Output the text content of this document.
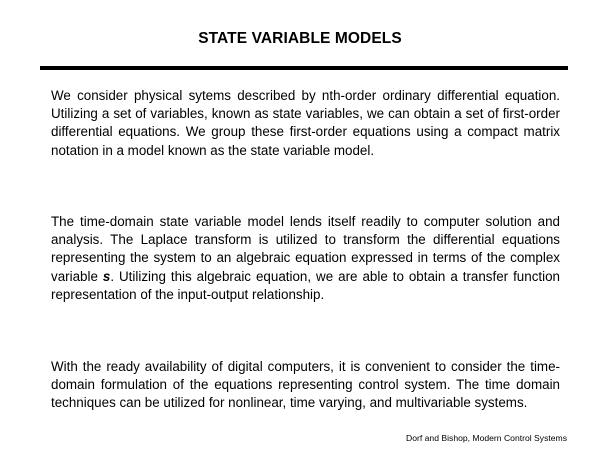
STATE VARIABLE MODELS

We consider physical sytems described by nth-order ordinary differential equation. Utilizing a set of variables, known as state variables, we can obtain a set of first-order differential equations. We group these first-order equations using a compact matrix notation in a model known as the state variable model.

The time-domain state variable model lends itself readily to computer solution and analysis. The Laplace transform is utilized to transform the differential equations representing the system to an algebraic equation expressed in terms of the complex variable s. Utilizing this algebraic equation, we are able to obtain a transfer function representation of the input-output relationship.

With the ready availability of digital computers, it is convenient to consider the time-domain formulation of the equations representing control system. The time domain techniques can be utilized for nonlinear, time varying, and multivariable systems.

Dorf and Bishop, Modern Control Systems
